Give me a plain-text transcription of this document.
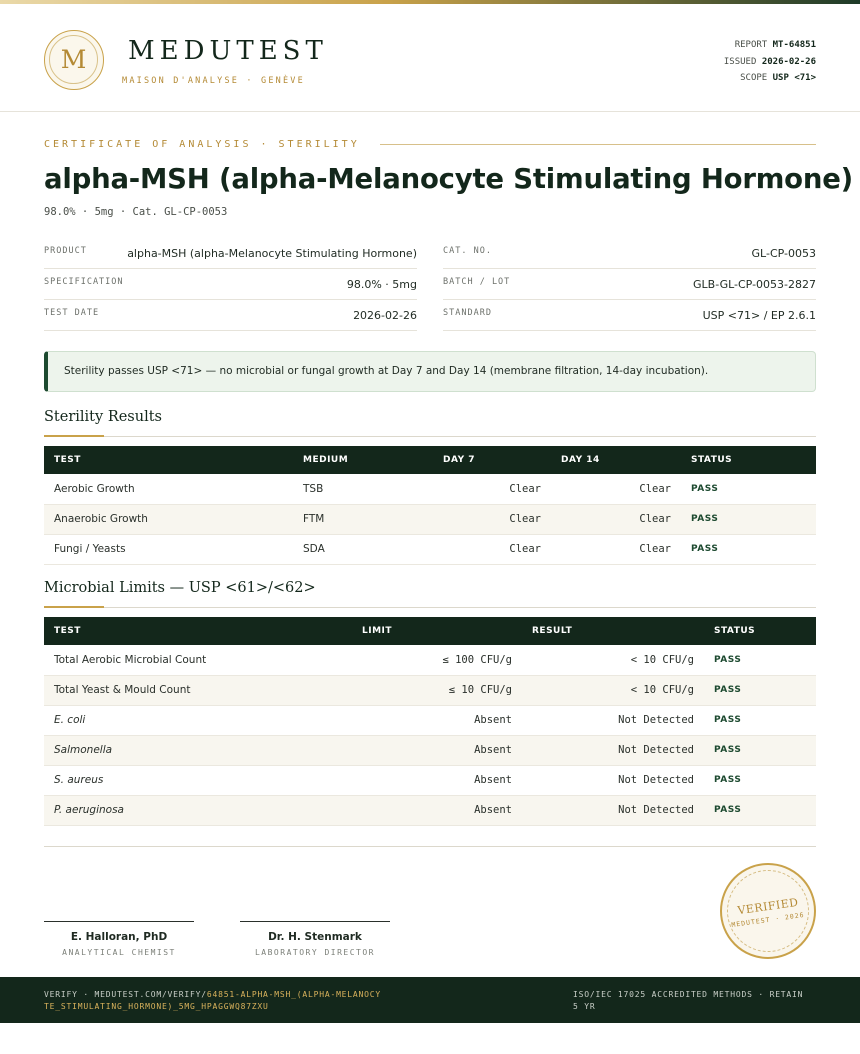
M	MEDUTEST
MAISON D'ANALYSE · GENÈVE
REPORT MT-64851
ISSUED 2026-02-26
SCOPE USP <71>
CERTIFICATE OF ANALYSIS · STERILITY
alpha-MSH (alpha-Melanocyte Stimulating Hormone)
98.0% · 5mg · Cat. GL-CP-0053
PRODUCT	alpha-MSH (alpha-Melanocyte Stimulating Hormone)
SPECIFICATION	98.0% · 5mg
TEST DATE	2026-02-26
CAT. NO.	GL-CP-0053
BATCH / LOT	GLB-GL-CP-0053-2827
STANDARD	USP <71> / EP 2.6.1
Sterility passes USP <71> — no microbial or fungal growth at Day 7 and Day 14 (membrane filtration, 14-day incubation).
Sterility Results
TEST	MEDIUM	DAY 7	DAY 14	STATUS
Aerobic Growth	TSB	Clear	Clear	PASS
Anaerobic Growth	FTM	Clear	Clear	PASS
Fungi / Yeasts	SDA	Clear	Clear	PASS
Microbial Limits — USP <61>/<62>
TEST	LIMIT	RESULT	STATUS
Total Aerobic Microbial Count	≤ 100 CFU/g	< 10 CFU/g	PASS
Total Yeast & Mould Count	≤ 10 CFU/g	< 10 CFU/g	PASS
E. coli	Absent	Not Detected	PASS
Salmonella	Absent	Not Detected	PASS
S. aureus	Absent	Not Detected	PASS
P. aeruginosa	Absent	Not Detected	PASS
E. Halloran, PhD
ANALYTICAL CHEMIST
Dr. H. Stenmark
LABORATORY DIRECTOR
VERIFIED
MEDUTEST · 2026
VERIFY · MEDUTEST.COM/VERIFY/64851-ALPHA-MSH_(ALPHA-MELANOCYTE_STIMULATING_HORMONE)_5MG_HPAGGWQ87ZXU
ISO/IEC 17025 ACCREDITED METHODS · RETAIN 5 YR
